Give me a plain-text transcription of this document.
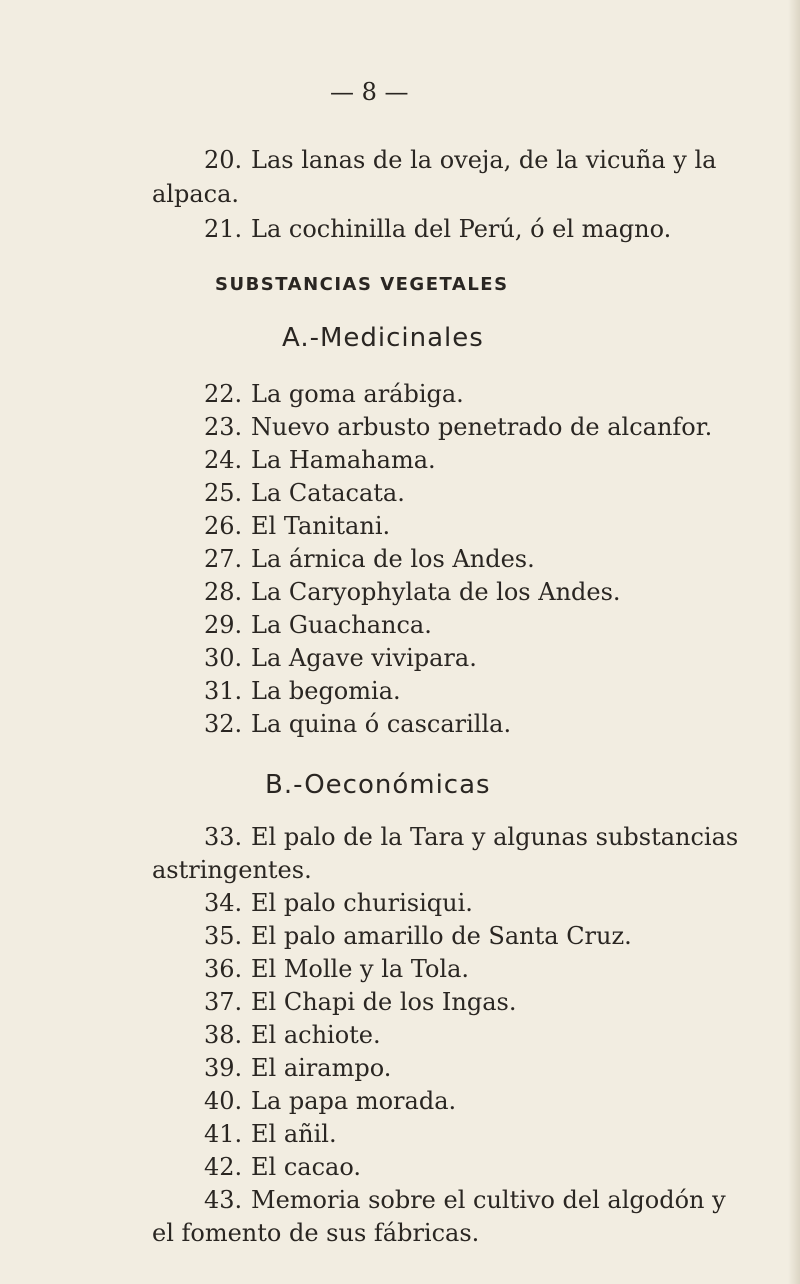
— 8 —
20. Las lanas de la oveja, de la vicuña y la
alpaca.
21. La cochinilla del Perú, ó el magno.
SUBSTANCIAS VEGETALES
A.-Medicinales
22. La goma arábiga.
23. Nuevo arbusto penetrado de alcanfor.
24. La Hamahama.
25. La Catacata.
26. El Tanitani.
27. La árnica de los Andes.
28. La Caryophylata de los Andes.
29. La Guachanca.
30. La Agave vivipara.
31. La begomia.
32. La quina ó cascarilla.
B.-Oeconómicas
33. El palo de la Tara y algunas substancias
astringentes.
34. El palo churisiqui.
35. El palo amarillo de Santa Cruz.
36. El Molle y la Tola.
37. El Chapi de los Ingas.
38. El achiote.
39. El airampo.
40. La papa morada.
41. El añil.
42. El cacao.
43. Memoria sobre el cultivo del algodón y
el fomento de sus fábricas.
